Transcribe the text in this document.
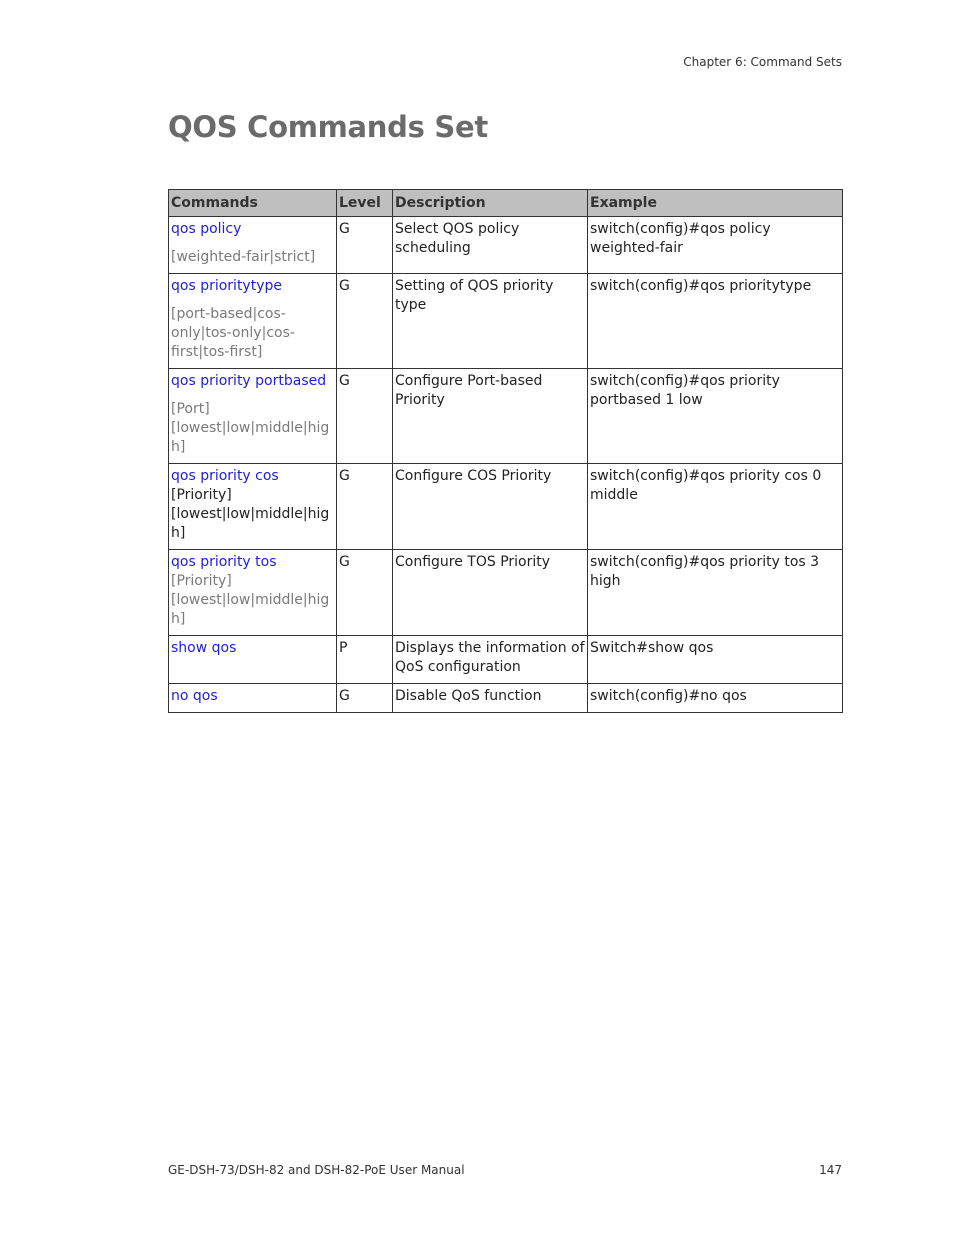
Chapter 6: Command Sets
QOS Commands Set
Commands	Level	Description	Example

qos policy
[weighted-fair|strict]	G	Select QOS policy scheduling	switch(config)#qos policy weighted-fair

qos prioritytype
[port-based|cos-only|tos-only|cos-first|tos-first]	G	Setting of QOS priority type	switch(config)#qos prioritytype

qos priority portbased
[Port] [lowest|low|middle|high]	G	Configure Port-based Priority	switch(config)#qos priority portbased 1 low

qos priority cos
[Priority][lowest|low|middle|high]	G	Configure COS Priority	switch(config)#qos priority cos 0 middle

qos priority tos
[Priority][lowest|low|middle|high]	G	Configure TOS Priority	switch(config)#qos priority tos 3 high

show qos	P	Displays the information of QoS configuration	Switch#show qos

no qos	G	Disable QoS function	switch(config)#no qos
GE-DSH-73/DSH-82 and DSH-82-PoE User Manual	147
